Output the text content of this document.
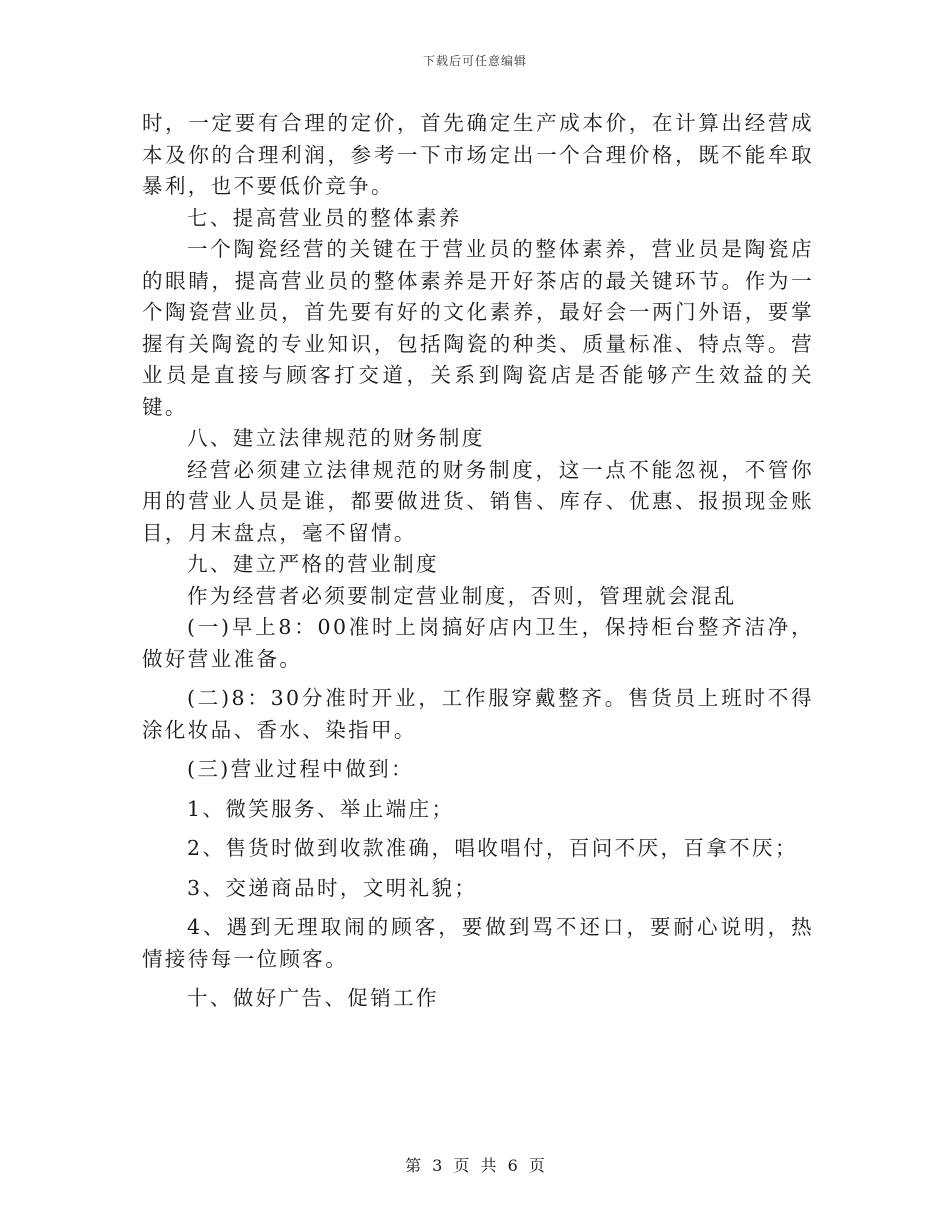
下载后可任意编辑

时，一定要有合理的定价，首先确定生产成本价，在计算出经营成本及你的合理利润，参考一下市场定出一个合理价格，既不能牟取暴利，也不要低价竞争。

七、提高营业员的整体素养

一个陶瓷经营的关键在于营业员的整体素养，营业员是陶瓷店的眼睛，提高营业员的整体素养是开好茶店的最关键环节。作为一个陶瓷营业员，首先要有好的文化素养，最好会一两门外语，要掌握有关陶瓷的专业知识，包括陶瓷的种类、质量标准、特点等。营业员是直接与顾客打交道，关系到陶瓷店是否能够产生效益的关键。

八、建立法律规范的财务制度

经营必须建立法律规范的财务制度，这一点不能忽视，不管你用的营业人员是谁，都要做进货、销售、库存、优惠、报损现金账目，月末盘点，毫不留情。

九、建立严格的营业制度

作为经营者必须要制定营业制度，否则，管理就会混乱

(一)早上8：00准时上岗搞好店内卫生，保持柜台整齐洁净，做好营业准备。

(二)8：30分准时开业，工作服穿戴整齐。售货员上班时不得涂化妆品、香水、染指甲。

(三)营业过程中做到：

1、微笑服务、举止端庄；

2、售货时做到收款准确，唱收唱付，百问不厌，百拿不厌；

3、交递商品时，文明礼貌；

4、遇到无理取闹的顾客，要做到骂不还口，要耐心说明，热情接待每一位顾客。

十、做好广告、促销工作

第 3 页 共 6 页
